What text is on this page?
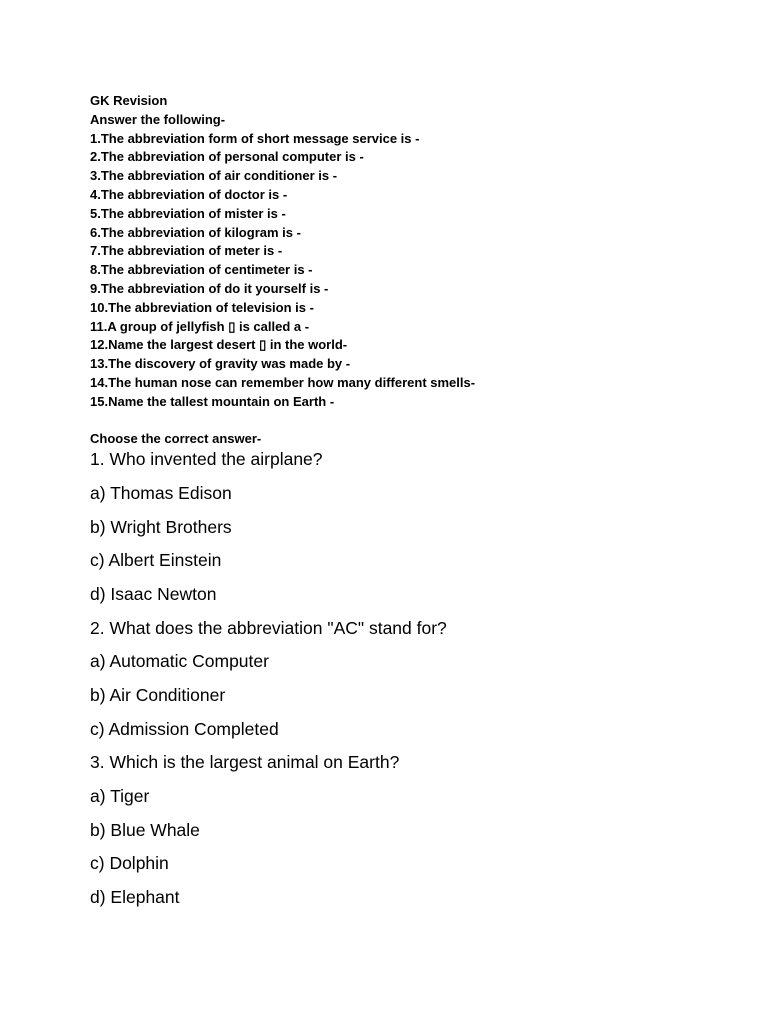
GK Revision
Answer the following-
1.The abbreviation form of short message service is -
2.The abbreviation of personal computer is -
3.The abbreviation of air conditioner is -
4.The abbreviation of doctor is -
5.The abbreviation of mister is -
6.The abbreviation of kilogram is -
7.The abbreviation of meter is -
8.The abbreviation of centimeter is -
9.The abbreviation of do it yourself is -
10.The abbreviation of television is -
11.A group of jellyfish ▯ is called a -
12.Name the largest desert ▯ in the world-
13.The discovery of gravity was made by -
14.The human nose can remember how many different smells-
15.Name the tallest mountain on Earth -
Choose the correct answer-
1. Who invented the airplane?
a) Thomas Edison
b) Wright Brothers
c) Albert Einstein
d) Isaac Newton
2. What does the abbreviation "AC" stand for?
a) Automatic Computer
b) Air Conditioner
c) Admission Completed
3. Which is the largest animal on Earth?
a) Tiger
b) Blue Whale
c) Dolphin
d) Elephant
